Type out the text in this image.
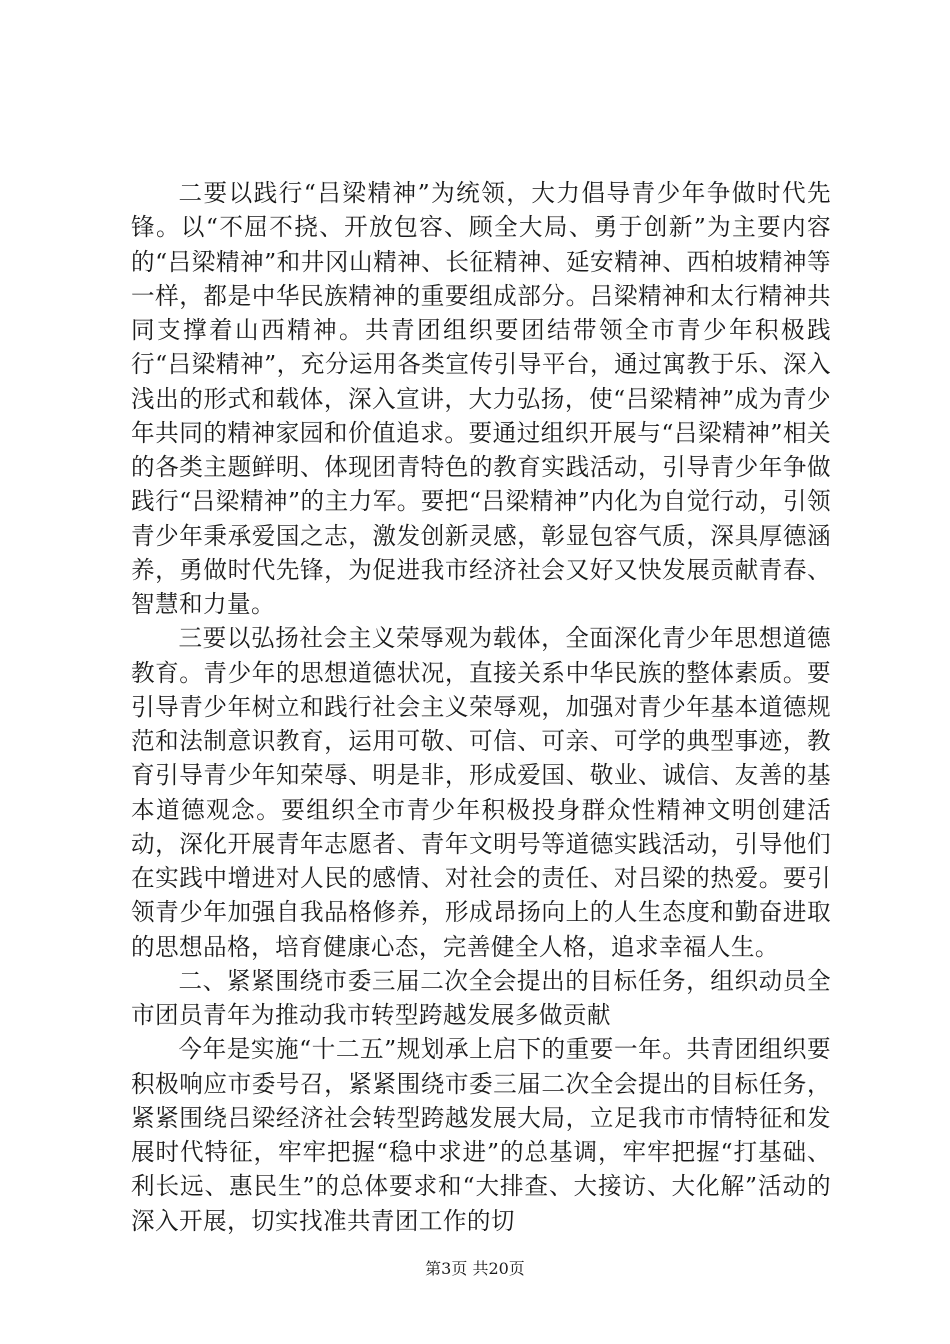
二要以践行“吕梁精神”为统领，大力倡导青少年争做时代先锋。以“不屈不挠、开放包容、顾全大局、勇于创新”为主要内容的“吕梁精神”和井冈山精神、长征精神、延安精神、西柏坡精神等一样，都是中华民族精神的重要组成部分。吕梁精神和太行精神共同支撑着山西精神。共青团组织要团结带领全市青少年积极践行“吕梁精神”，充分运用各类宣传引导平台，通过寓教于乐、深入浅出的形式和载体，深入宣讲，大力弘扬，使“吕梁精神”成为青少年共同的精神家园和价值追求。要通过组织开展与“吕梁精神”相关的各类主题鲜明、体现团青特色的教育实践活动，引导青少年争做践行“吕梁精神”的主力军。要把“吕梁精神”内化为自觉行动，引领青少年秉承爱国之志，激发创新灵感，彰显包容气质，深具厚德涵养，勇做时代先锋，为促进我市经济社会又好又快发展贡献青春、智慧和力量。

三要以弘扬社会主义荣辱观为载体，全面深化青少年思想道德教育。青少年的思想道德状况，直接关系中华民族的整体素质。要引导青少年树立和践行社会主义荣辱观，加强对青少年基本道德规范和法制意识教育，运用可敬、可信、可亲、可学的典型事迹，教育引导青少年知荣辱、明是非，形成爱国、敬业、诚信、友善的基本道德观念。要组织全市青少年积极投身群众性精神文明创建活动，深化开展青年志愿者、青年文明号等道德实践活动，引导他们在实践中增进对人民的感情、对社会的责任、对吕梁的热爱。要引领青少年加强自我品格修养，形成昂扬向上的人生态度和勤奋进取的思想品格，培育健康心态，完善健全人格，追求幸福人生。

二、紧紧围绕市委三届二次全会提出的目标任务，组织动员全市团员青年为推动我市转型跨越发展多做贡献

今年是实施“十二五”规划承上启下的重要一年。共青团组织要积极响应市委号召，紧紧围绕市委三届二次全会提出的目标任务，紧紧围绕吕梁经济社会转型跨越发展大局，立足我市市情特征和发展时代特征，牢牢把握“稳中求进”的总基调，牢牢把握“打基础、利长远、惠民生”的总体要求和“大排查、大接访、大化解”活动的深入开展，切实找准共青团工作的切

第3页 共20页
